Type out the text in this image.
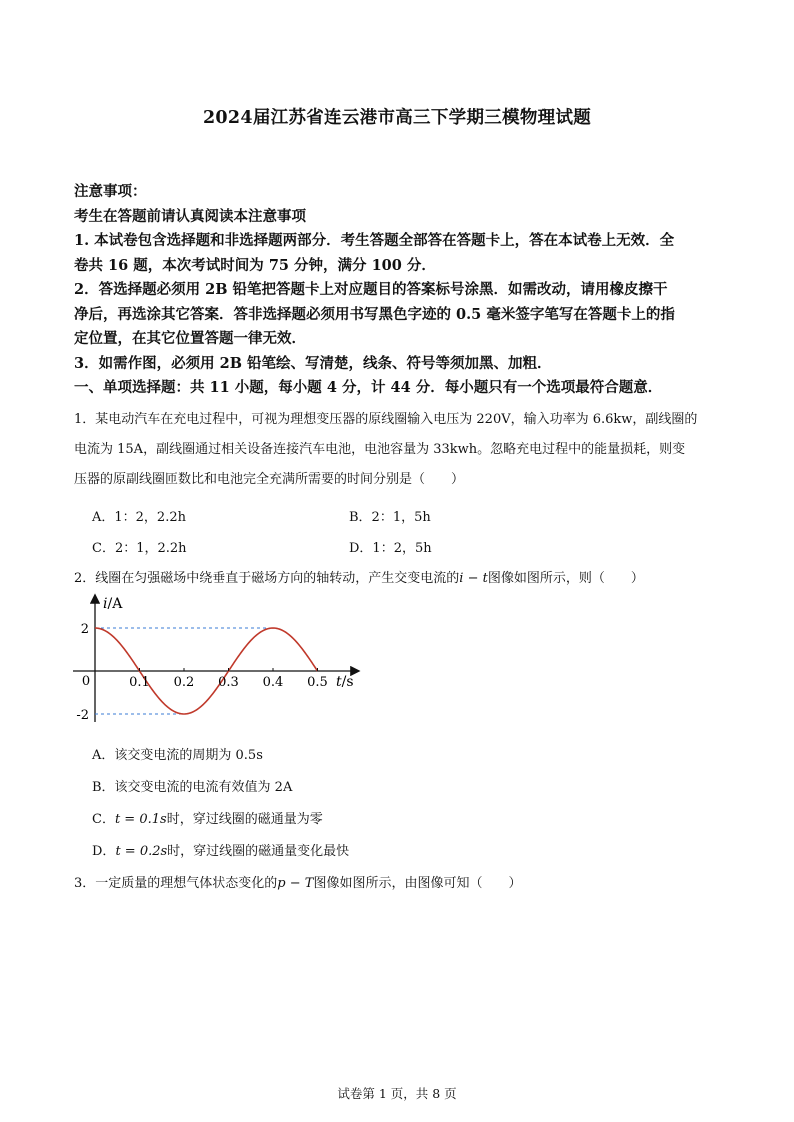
2024届江苏省连云港市高三下学期三模物理试题

注意事项：

考生在答题前请认真阅读本注意事项

1. 本试卷包含选择题和非选择题两部分．考生答题全部答在答题卡上，答在本试卷上无效．全

卷共 16 题，本次考试时间为 75 分钟，满分 100 分．

2．答选择题必须用 2B 铅笔把答题卡上对应题目的答案标号涂黑．如需改动，请用橡皮擦干

净后，再选涂其它答案．答非选择题必须用书写黑色字迹的 0.5 毫米签字笔写在答题卡上的指

定位置，在其它位置答题一律无效．

3．如需作图，必须用 2B 铅笔绘、写清楚，线条、符号等须加黑、加粗．

一、单项选择题：共 11 小题，每小题 4 分，计 44 分．每小题只有一个选项最符合题意．

1．某电动汽车在充电过程中，可视为理想变压器的原线圈输入电压为 220V，输入功率为 6.6kw，副线圈的

电流为 15A，副线圈通过相关设备连接汽车电池，电池容量为 33kwh。忽略充电过程中的能量损耗，则变

压器的原副线圈匝数比和电池完全充满所需要的时间分别是（　　）

A．1：2，2.2h	B．2：1，5h
C．2：1，2.2h	D．1：2，5h
2．线圈在匀强磁场中绕垂直于磁场方向的轴转动，产生交变电流的i − t图像如图所示，则（　　）
0.1 0.2 0.3 0.4 0.5
2
-2
0
i/A
t/s
A．该交变电流的周期为 0.5s
B．该交变电流的电流有效值为 2A
C．t = 0.1s时，穿过线圈的磁通量为零
D．t = 0.2s时，穿过线圈的磁通量变化最快
3．一定质量的理想气体状态变化的p − T图像如图所示，由图像可知（　　）
试卷第 1 页，共 8 页
